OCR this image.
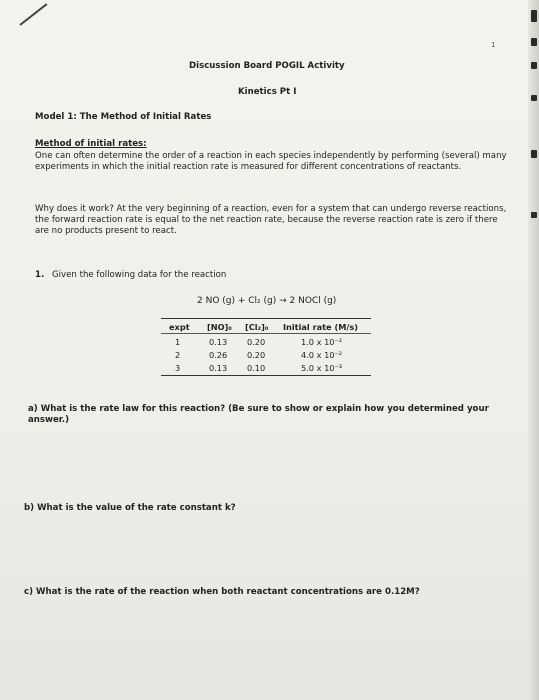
1
Discussion Board POGIL Activity
Kinetics Pt I
Model 1: The Method of Initial Rates
Method of initial rates:
One can often determine the order of a reaction in each species independently by performing (several) many experiments in which the initial reaction rate is measured for different concentrations of reactants.
Why does it work? At the very beginning of a reaction, even for a system that can undergo reverse reactions, the forward reaction rate is equal to the net reaction rate, because the reverse reaction rate is zero if there are no products present to react.
1. Given the following data for the reaction
2 NO (g) + Cl₂ (g) → 2 NOCl (g)
expt [NO]₀ [Cl₂]₀ Initial rate (M/s)
1	0.13 0.20	1.0 x 10⁻²
2	0.26 0.20	4.0 x 10⁻²
3	0.13 0.10	5.0 x 10⁻³
a) What is the rate law for this reaction? (Be sure to show or explain how you determined your answer.)
b) What is the value of the rate constant k?
c) What is the rate of the reaction when both reactant concentrations are 0.12M?
